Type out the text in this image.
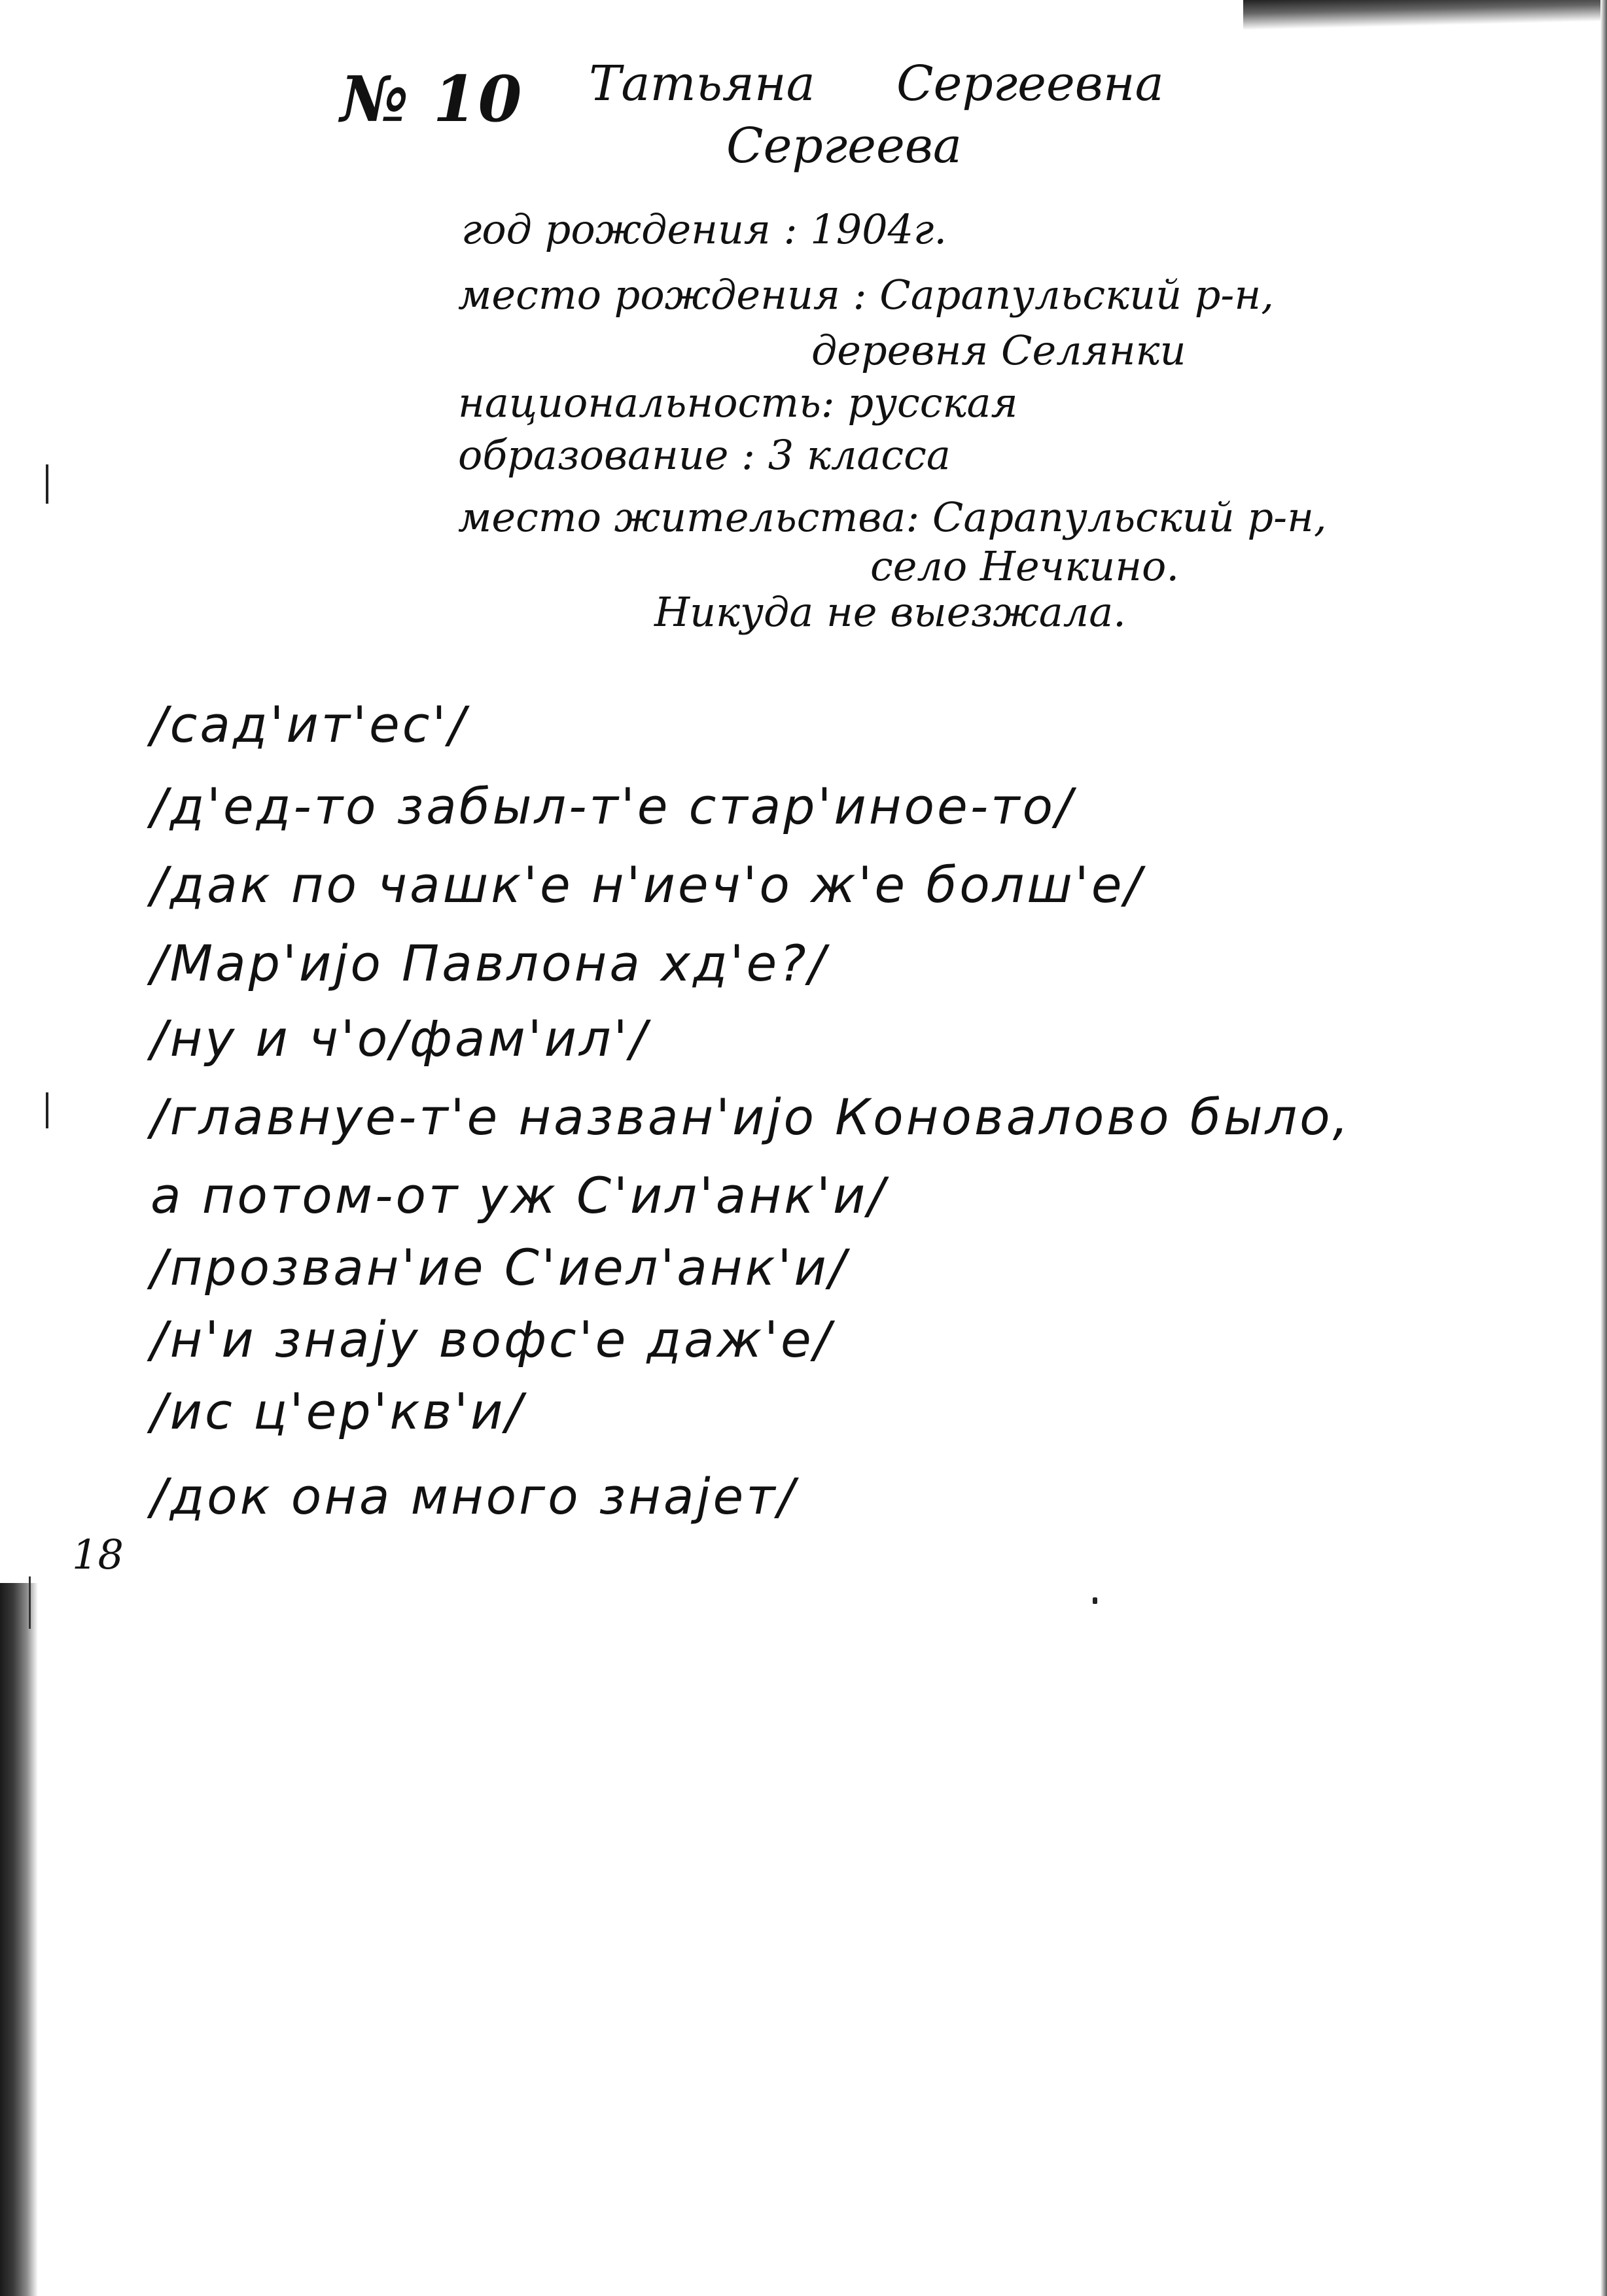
№ 10 Татьяна Сергеевна
Сергеева
год рождения : 1904г.
место рождения : Сарапульский р-н,
деревня Селянки
национальность: русская
образование : 3 класса
место жительства: Сарапульский р-н,
село Нечкино.
Никуда не выезжала.
/сад'ит'ес'/
/д'ед-то забыл-т'е стар'иное-то/
/дак по чашк'е н'иеч'о ж'е болш'е/
/Мар'иjо Павлона хд'е?/
/ну и ч'о/фам'ил'/
/главнуе-т'е назван'иjо Коновалово было,
а потом-от уж С'ил'анк'и/
/прозван'ие С'иел'анк'и/
/н'и знаjу вофс'е даж'е/
/ис ц'ер'кв'и/
/док она много знаjет/
18
